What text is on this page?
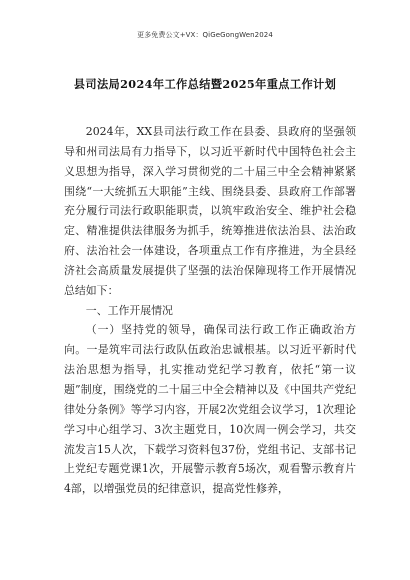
更多免费公文+VX：QiGeGongWen2024
县司法局2024年工作总结暨2025年重点工作计划

2024年，XX县司法行政工作在县委、县政府的坚强领导和州司法局有力指导下，以习近平新时代中国特色社会主义思想为指导，深入学习贯彻党的二十届三中全会精神紧紧围绕“一大统抓五大职能”主线、围绕县委、县政府工作部署充分履行司法行政职能职责，以筑牢政治安全、维护社会稳定、精准提供法律服务为抓手，统筹推进依法治县、法治政府、法治社会一体建设，各项重点工作有序推进，为全县经济社会高质量发展提供了坚强的法治保障现将工作开展情况总结如下：

一、工作开展情况

（一）坚持党的领导，确保司法行政工作正确政治方向。一是筑牢司法行政队伍政治忠诚根基。以习近平新时代法治思想为指导，扎实推动党纪学习教育，依托“第一议题”制度，围绕党的二十届三中全会精神以及《中国共产党纪律处分条例》等学习内容，开展2次党组会议学习，1次理论学习中心组学习、3次主题党日，10次周一例会学习，共交流发言15人次，下载学习资料包37份，党组书记、支部书记上党纪专题党课1次，开展警示教育5场次，观看警示教育片4部，以增强党员的纪律意识，提高党性修养，
